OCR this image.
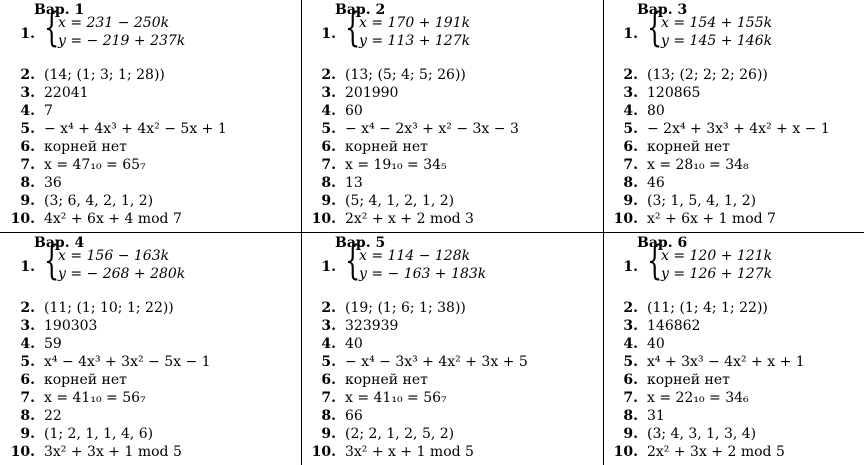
Вар. 1
1. {
x = 231 − 250k
y = − 219 + 237k
2. (14; (1; 3; 1; 28))
3. 22041
4. 7
5. − x⁴ + 4x³ + 4x² − 5x + 1
6. корней нет
7. x = 47₁₀ = 65₇
8. 36
9. (3; 6, 4, 2, 1, 2)
10. 4x² + 6x + 4 mod 7
Вар. 2
1. {
x = 170 + 191k
y = 113 + 127k
2. (13; (5; 4; 5; 26))
3. 201990
4. 60
5. − x⁴ − 2x³ + x² − 3x − 3
6. корней нет
7. x = 19₁₀ = 34₅
8. 13
9. (5; 4, 1, 2, 1, 2)
10. 2x² + x + 2 mod 3
Вар. 3
1. {
x = 154 + 155k
y = 145 + 146k
2. (13; (2; 2; 2; 26))
3. 120865
4. 80
5. − 2x⁴ + 3x³ + 4x² + x − 1
6. корней нет
7. x = 28₁₀ = 34₈
8. 46
9. (3; 1, 5, 4, 1, 2)
10. x² + 6x + 1 mod 7
Вар. 4
1. {
x = 156 − 163k
y = − 268 + 280k
2. (11; (1; 10; 1; 22))
3. 190303
4. 59
5. x⁴ − 4x³ + 3x² − 5x − 1
6. корней нет
7. x = 41₁₀ = 56₇
8. 22
9. (1; 2, 1, 1, 4, 6)
10. 3x² + 3x + 1 mod 5
Вар. 5
1. {
x = 114 − 128k
y = − 163 + 183k
2. (19; (1; 6; 1; 38))
3. 323939
4. 40
5. − x⁴ − 3x³ + 4x² + 3x + 5
6. корней нет
7. x = 41₁₀ = 56₇
8. 66
9. (2; 2, 1, 2, 5, 2)
10. 3x² + x + 1 mod 5
Вар. 6
1. {
x = 120 + 121k
y = 126 + 127k
2. (11; (1; 4; 1; 22))
3. 146862
4. 40
5. x⁴ + 3x³ − 4x² + x + 1
6. корней нет
7. x = 22₁₀ = 34₆
8. 31
9. (3; 4, 3, 1, 3, 4)
10. 2x² + 3x + 2 mod 5
